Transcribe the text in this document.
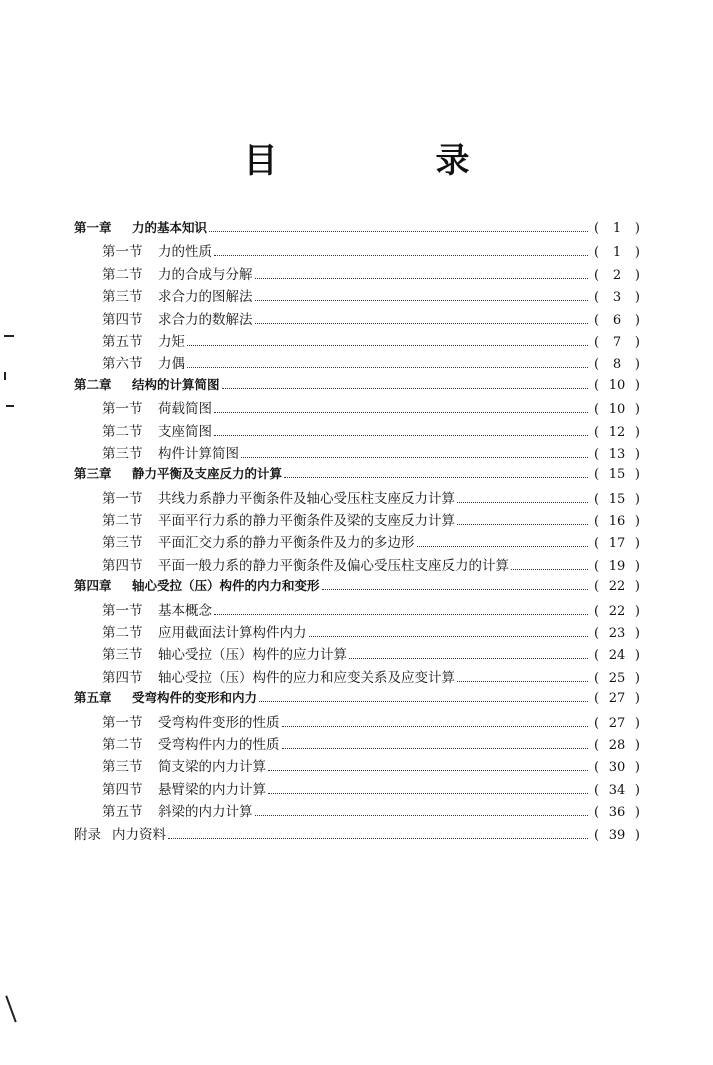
目　录
第一章	力的基本知识	(	1	)
第一节	力的性质	(	1	)
第二节	力的合成与分解	(	2	)
第三节	求合力的图解法	(	3	)
第四节	求合力的数解法	(	6	)
第五节	力矩	(	7	)
第六节	力偶	(	8	)
第二章	结构的计算简图	( 10 )
第一节	荷载简图	( 10 )
第二节	支座简图	( 12 )
第三节	构件计算简图	( 13 )
第三章	静力平衡及支座反力的计算	( 15 )
第一节	共线力系静力平衡条件及轴心受压柱支座反力计算	( 15 )
第二节	平面平行力系的静力平衡条件及梁的支座反力计算	( 16 )
第三节	平面汇交力系的静力平衡条件及力的多边形	( 17 )
第四节	平面一般力系的静力平衡条件及偏心受压柱支座反力的计算	( 19 )
第四章	轴心受拉（压）构件的内力和变形	( 22 )
第一节	基本概念	( 22 )
第二节	应用截面法计算构件内力	( 23 )
第三节	轴心受拉（压）构件的应力计算	( 24 )
第四节	轴心受拉（压）构件的应力和应变关系及应变计算	( 25 )
第五章	受弯构件的变形和内力	( 27 )
第一节	受弯构件变形的性质	( 27 )
第二节	受弯构件内力的性质	( 28 )
第三节	简支梁的内力计算	( 30 )
第四节	悬臂梁的内力计算	( 34 )
第五节	斜梁的内力计算	( 36 )
附录 内力资料	( 39 )
